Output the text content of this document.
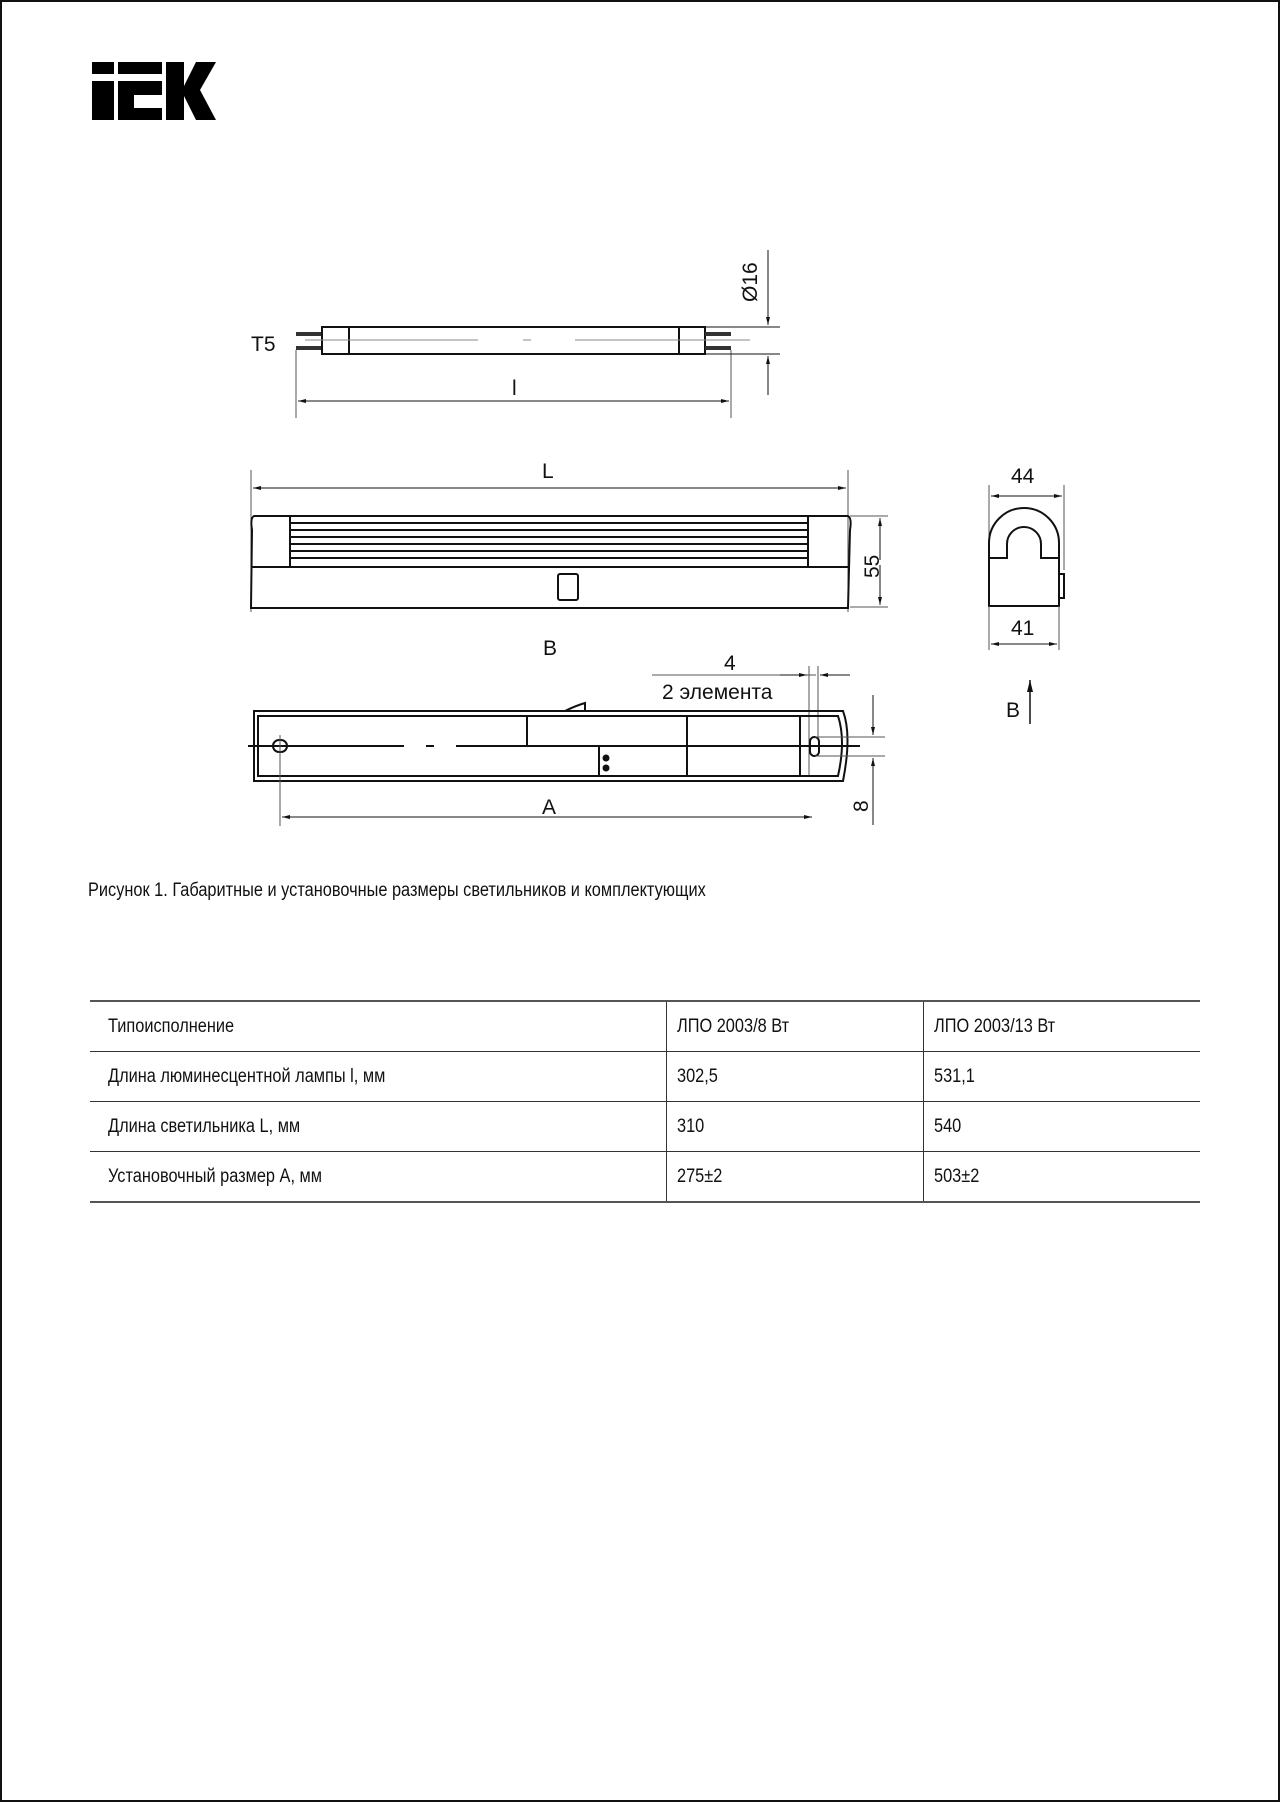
T5
l
Ø16
L
55
44
41
B
B
4
2 элемента
A	8
Рисунок 1. Габаритные и установочные размеры светильников и комплектующих
Типоисполнение	ЛПО 2003/8 Вт	ЛПО 2003/13 Вт
Длина люминесцентной лампы l, мм	302,5	531,1
Длина светильника L, мм	310	540
Установочный размер A, мм	275±2	503±2
